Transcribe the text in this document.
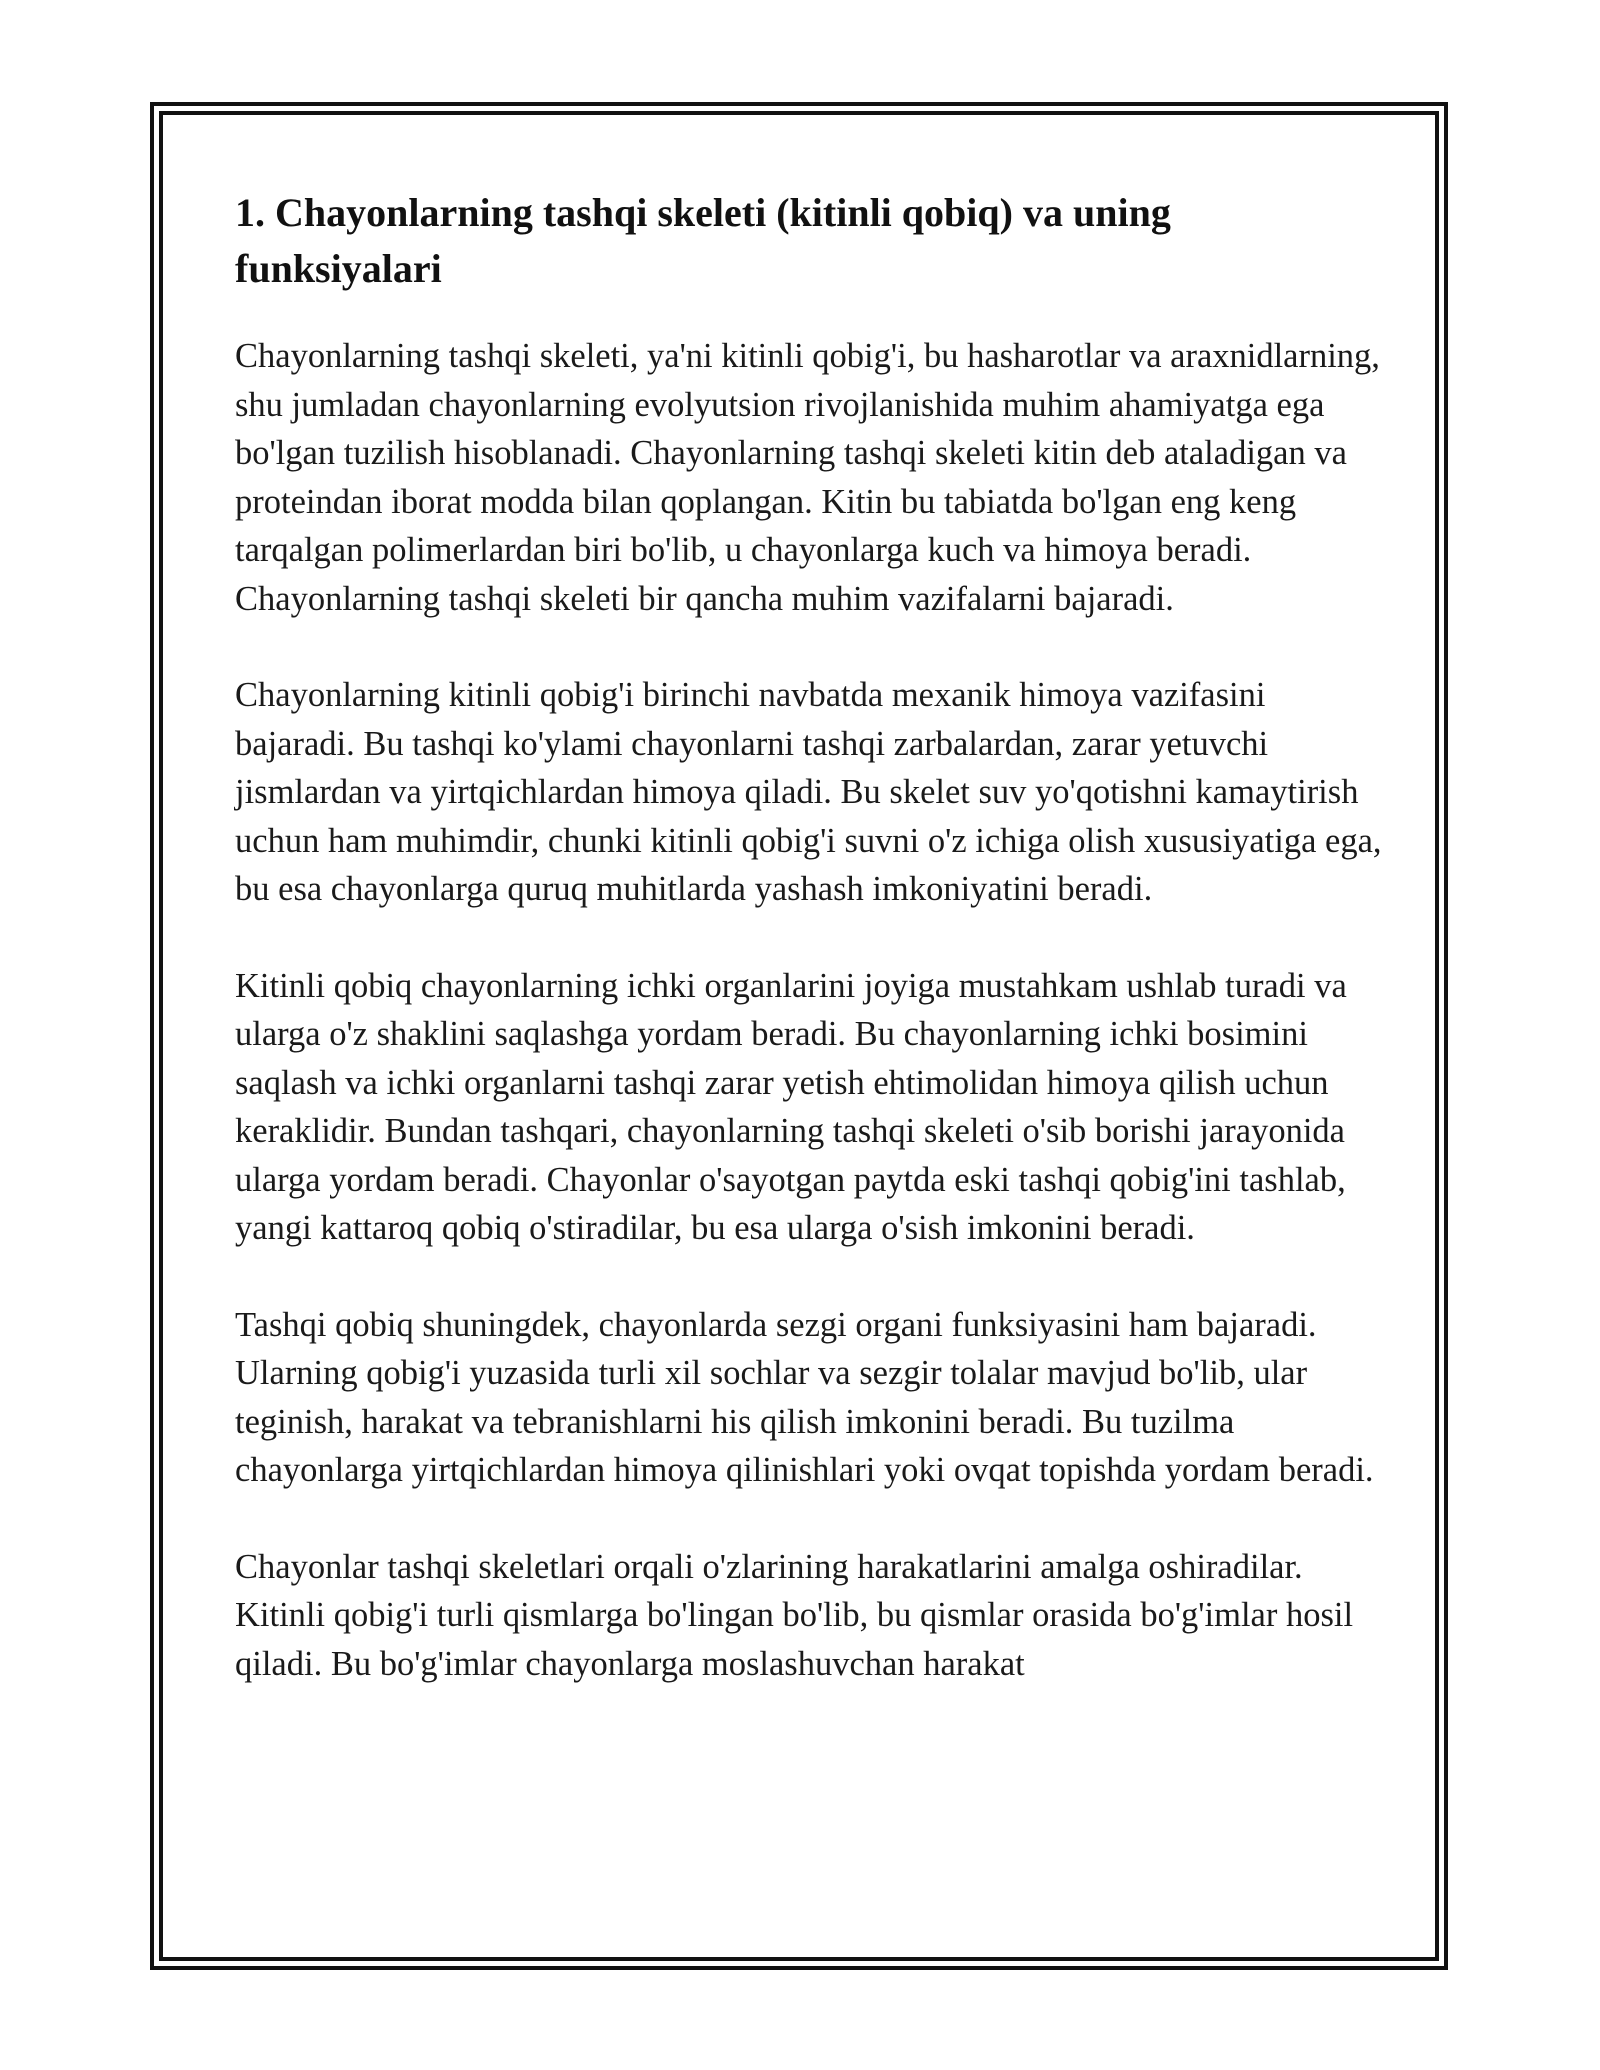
1. Chayonlarning tashqi skeleti (kitinli qobiq) va uning funksiyalari

Chayonlarning tashqi skeleti, ya'ni kitinli qobig'i, bu hasharotlar va araxnidlarning, shu jumladan chayonlarning evolyutsion rivojlanishida muhim ahamiyatga ega bo'lgan tuzilish hisoblanadi. Chayonlarning tashqi skeleti kitin deb ataladigan va proteindan iborat modda bilan qoplangan. Kitin bu tabiatda bo'lgan eng keng tarqalgan polimerlardan biri bo'lib, u chayonlarga kuch va himoya beradi. Chayonlarning tashqi skeleti bir qancha muhim vazifalarni bajaradi.

Chayonlarning kitinli qobig'i birinchi navbatda mexanik himoya vazifasini bajaradi. Bu tashqi ko'ylami chayonlarni tashqi zarbalardan, zarar yetuvchi jismlardan va yirtqichlardan himoya qiladi. Bu skelet suv yo'qotishni kamaytirish uchun ham muhimdir, chunki kitinli qobig'i suvni o'z ichiga olish xususiyatiga ega, bu esa chayonlarga quruq muhitlarda yashash imkoniyatini beradi.

Kitinli qobiq chayonlarning ichki organlarini joyiga mustahkam ushlab turadi va ularga o'z shaklini saqlashga yordam beradi. Bu chayonlarning ichki bosimini saqlash va ichki organlarni tashqi zarar yetish ehtimolidan himoya qilish uchun keraklidir. Bundan tashqari, chayonlarning tashqi skeleti o'sib borishi jarayonida ularga yordam beradi. Chayonlar o'sayotgan paytda eski tashqi qobig'ini tashlab, yangi kattaroq qobiq o'stiradilar, bu esa ularga o'sish imkonini beradi.

Tashqi qobiq shuningdek, chayonlarda sezgi organi funksiyasini ham bajaradi. Ularning qobig'i yuzasida turli xil sochlar va sezgir tolalar mavjud bo'lib, ular teginish, harakat va tebranishlarni his qilish imkonini beradi. Bu tuzilma chayonlarga yirtqichlardan himoya qilinishlari yoki ovqat topishda yordam beradi.

Chayonlar tashqi skeletlari orqali o'zlarining harakatlarini amalga oshiradilar. Kitinli qobig'i turli qismlarga bo'lingan bo'lib, bu qismlar orasida bo'g'imlar hosil qiladi. Bu bo'g'imlar chayonlarga moslashuvchan harakat
